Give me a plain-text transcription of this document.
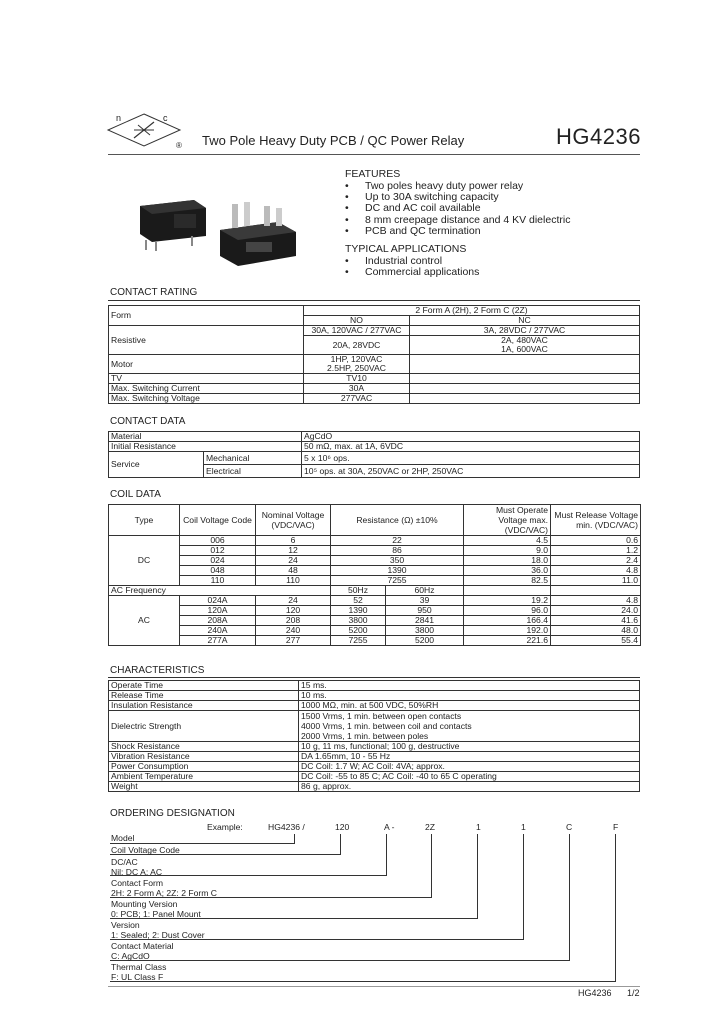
n	c
® Two Pole Heavy Duty PCB / QC Power Relay	HG4236
FEATURES
• Two poles heavy duty power relay
• Up to 30A switching capacity
• DC and AC coil available
• 8 mm creepage distance and 4 KV dielectric
• PCB and QC termination
TYPICAL APPLICATIONS
• Industrial control
• Commercial applications
CONTACT RATING
Form	2 Form A (2H), 2 Form C (2Z)	
	NO	NC
Resistive	30A, 120VAC / 277VAC	3A, 28VDC / 277VAC
	20A, 28VDC	2A, 480VAC
		1A, 600VAC
Motor	1HP, 120VAC	
	2.5HP, 250VAC	
TV	TV10	
Max. Switching Current	30A	
Max. Switching Voltage	277VAC	
CONTACT DATA
Material		AgCdO
Initial Resistance		50 mΩ, max. at 1A, 6VDC
Service	Mechanical	5 x 10⁶ ops.
	Electrical	10⁵ ops. at 30A, 250VAC or 2HP, 250VAC
COIL DATA
Type	Coil Voltage Code	Nominal Voltage (VDC/VAC)	Resistance (Ω) ±10%		Must Operate Voltage max. (VDC/VAC)	Must Release Voltage min. (VDC/VAC)
DC	006	6	22		4.5	0.6
	012	12	86		9.0	1.2
	024	24	350		18.0	2.4
	048	48	1390		36.0	4.8
	110	110	7255		82.5	11.0
AC Frequency			50Hz	60Hz		
AC	024A	24	52	39	19.2	4.8
	120A	120	1390	950	96.0	24.0
	208A	208	3800	2841	166.4	41.6
	240A	240	5200	3800	192.0	48.0
	277A	277	7255	5200	221.6	55.4
CHARACTERISTICS
Operate Time	15 ms.
Release Time	10 ms.
Insulation Resistance	1000 MΩ, min. at 500 VDC, 50%RH
Dielectric Strength	1500 Vrms, 1 min. between open contacts
4000 Vrms, 1 min. between coil and contacts
2000 Vrms, 1 min. between poles

Shock Resistance	10 g, 11 ms, functional; 100 g, destructive
Vibration Resistance	DA 1.65mm, 10 - 55 Hz
Power Consumption	DC Coil: 1.7 W; AC Coil: 4VA; approx.
Ambient Temperature	DC Coil: -55 to 85 C; AC Coil: -40 to 65 C operating
Weight	86 g, approx.
ORDERING DESIGNATION
Example:	HG4236 /	120	A -	2Z	1	1	C	F
Model
Coil Voltage Code
DC/AC
Nil: DC A: AC
Contact Form
2H: 2 Form A; 2Z: 2 Form C
Mounting Version
0: PCB; 1: Panel Mount
Version
1: Sealed; 2: Dust Cover
Contact Material
C: AgCdO
Thermal Class
F: UL Class F
HG4236 1/2
